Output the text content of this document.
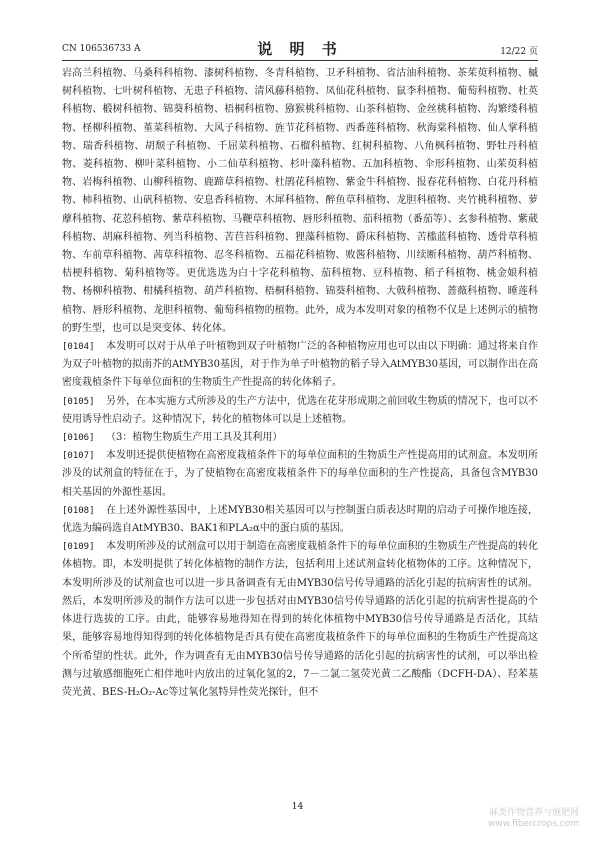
CN 106536733 A	说 明 书	12/22 页

岩高兰科植物、马桑科科植物、漆树科植物、冬青科植物、卫矛科植物、省沽油科植物、茶茱萸科植物、槭树科植物、七叶树科植物、无患子科植物、清风藤科植物、凤仙花科植物、鼠李科植物、葡萄科植物、杜英科植物、椴树科植物、锦葵科植物、梧桐科植物、猕猴桃科植物、山茶科植物、金丝桃科植物、沟繁缕科植物、柽柳科植物、堇菜科植物、大风子科植物、旌节花科植物、西番莲科植物、秋海棠科植物、仙人掌科植物、瑞香科植物、胡颓子科植物、千屈菜科植物、石榴科植物、红树科植物、八角枫科植物、野牡丹科植物、菱科植物、柳叶菜科植物、小二仙草科植物、杉叶藻科植物、五加科植物、伞形科植物、山茱萸科植物、岩梅科植物、山柳科植物、鹿蹄草科植物、杜鹃花科植物、紫金牛科植物、报春花科植物、白花丹科植物、柿科植物、山矾科植物、安息香科植物、木犀科植物、醉鱼草科植物、龙胆科植物、夹竹桃科植物、萝藦科植物、花荵科植物、紫草科植物、马鞭草科植物、唇形科植物、茄科植物（番茄等）、玄参科植物、紫葳科植物、胡麻科植物、列当科植物、苦苣苔科植物、狸藻科植物、爵床科植物、苦槛蓝科植物、透骨草科植物、车前草科植物、茜草科植物、忍冬科植物、五福花科植物、败酱科植物、川续断科植物、葫芦科植物、桔梗科植物、菊科植物等。更优选选为白十字花科植物、茄科植物、豆科植物、稻子科植物、桃金娘科植物、杨柳科植物、柑橘科植物、葫芦科植物、梧桐科植物、锦葵科植物、大戟科植物、蔷薇科植物、睡莲科植物、唇形科植物、龙胆科植物、葡萄科植物的植物。此外，成为本发明对象的植物不仅是上述例示的植物的野生型，也可以是突变体、转化体。

[0104] 本发明可以对于从单子叶植物到双子叶植物广泛的各种植物应用也可以由以下明确：通过将来自作为双子叶植物的拟南芥的AtMYB30基因，对于作为单子叶植物的稻子导入AtMYB30基因，可以制作出在高密度栽植条件下每单位面积的生物质生产性提高的转化体稻子。

[0105] 另外，在本实施方式所涉及的生产方法中，优选在花芽形成期之前回收生物质的情况下，也可以不使用诱导性启动子。这种情况下，转化的植物体可以是上述植物。

[0106] （3：植物生物质生产用工具及其利用）

[0107] 本发明还提供使植物在高密度栽植条件下的每单位面积的生物质生产性提高用的试剂盒。本发明所涉及的试剂盒的特征在于，为了使植物在高密度栽植条件下的每单位面积的生产性提高，具备包含MYB30相关基因的外源性基因。

[0108] 在上述外源性基因中，上述MYB30相关基因可以与控制蛋白质表达时期的启动子可操作地连接，优选为编码选自AtMYB30、BAK1和PLA₂α中的蛋白质的基因。

[0109] 本发明所涉及的试剂盒可以用于制造在高密度栽植条件下的每单位面积的生物质生产性提高的转化体植物。即，本发明提供了转化体植物的制作方法，包括利用上述试剂盒转化植物体的工序。这种情况下，本发明所涉及的试剂盒也可以进一步具备调查有无由MYB30信号传导通路的活化引起的抗病害性的试剂。然后，本发明所涉及的制作方法可以进一步包括对由MYB30信号传导通路的活化引起的抗病害性提高的个体进行选拔的工序。由此，能够容易地得知在得到的转化体植物中MYB30信号传导通路是否活化，其结果，能够容易地得知得到的转化体植物是否具有使在高密度栽植条件下的每单位面积的生物质生产性提高这个所希望的性状。此外，作为调查有无由MYB30信号传导通路的活化引起的抗病害性的试剂，可以举出检测与过敏感细胞死亡相伴地叶内放出的过氧化氢的2，7－二氯二氢荧光黄二乙酸酯（DCFH-DA）、羟苯基荧光黄、BES-H₂O₂-Ac等过氧化氢特异性荧光探针，但不

14
麻类作物营养与施肥网
www.fibercrops.com
